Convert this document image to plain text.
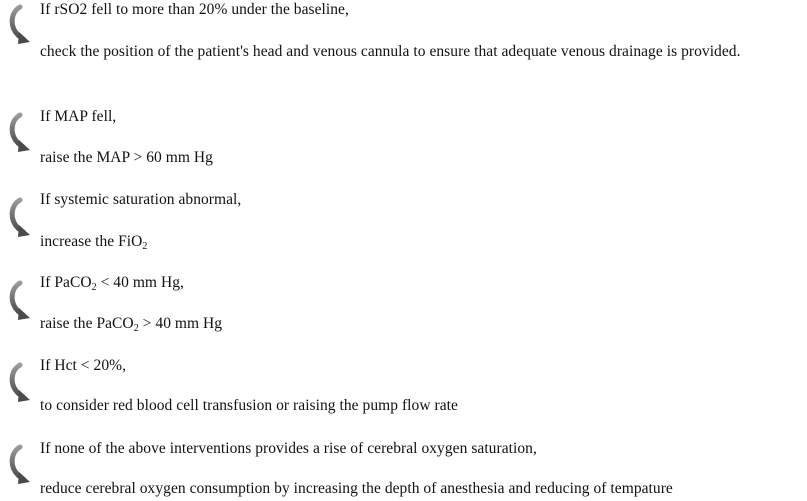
If rSO2 fell to more than 20% under the baseline,
check the position of the patient's head and venous cannula to ensure that adequate venous drainage is provided.
If MAP fell,
raise the MAP > 60 mm Hg
If systemic saturation abnormal,
increase the FiO$_2$
If PaCO$_2$ < 40 mm Hg,
raise the PaCO$_2$ > 40 mm Hg
If Hct < 20%,
to consider red blood cell transfusion or raising the pump flow rate
If none of the above interventions provides a rise of cerebral oxygen saturation,
reduce cerebral oxygen consumption by increasing the depth of anesthesia and reducing of tempature
